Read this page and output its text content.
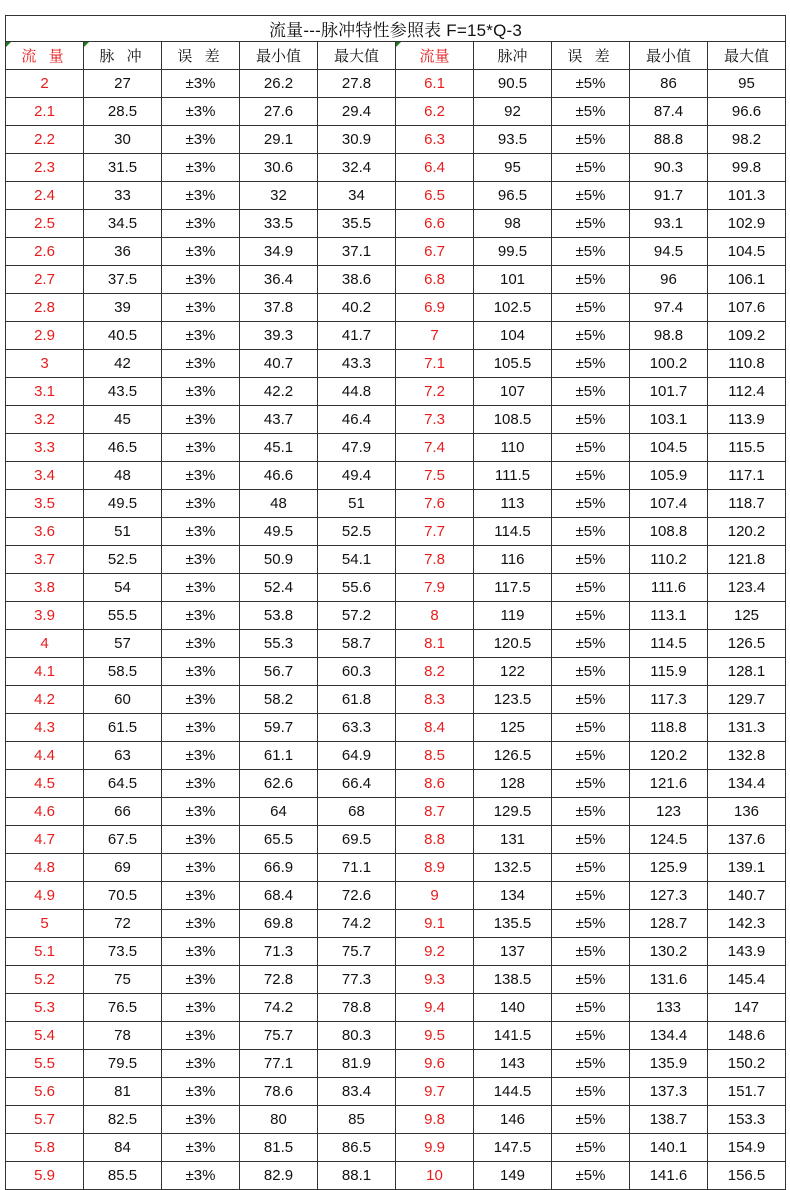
流量---脉冲特性参照表 F=15*Q-3									

流 量	脉 冲	误 差	最小值	最大值	流量	脉冲	误 差	最小值	最大值
2	27	±3%	26.2	27.8	6.1	90.5	±5%	86	95
2.1	28.5	±3%	27.6	29.4	6.2	92	±5%	87.4	96.6
2.2	30	±3%	29.1	30.9	6.3	93.5	±5%	88.8	98.2
2.3	31.5	±3%	30.6	32.4	6.4	95	±5%	90.3	99.8
2.4	33	±3%	32	34	6.5	96.5	±5%	91.7	101.3
2.5	34.5	±3%	33.5	35.5	6.6	98	±5%	93.1	102.9
2.6	36	±3%	34.9	37.1	6.7	99.5	±5%	94.5	104.5
2.7	37.5	±3%	36.4	38.6	6.8	101	±5%	96	106.1
2.8	39	±3%	37.8	40.2	6.9	102.5	±5%	97.4	107.6
2.9	40.5	±3%	39.3	41.7	7	104	±5%	98.8	109.2
3	42	±3%	40.7	43.3	7.1	105.5	±5%	100.2	110.8
3.1	43.5	±3%	42.2	44.8	7.2	107	±5%	101.7	112.4
3.2	45	±3%	43.7	46.4	7.3	108.5	±5%	103.1	113.9
3.3	46.5	±3%	45.1	47.9	7.4	110	±5%	104.5	115.5
3.4	48	±3%	46.6	49.4	7.5	111.5	±5%	105.9	117.1
3.5	49.5	±3%	48	51	7.6	113	±5%	107.4	118.7
3.6	51	±3%	49.5	52.5	7.7	114.5	±5%	108.8	120.2
3.7	52.5	±3%	50.9	54.1	7.8	116	±5%	110.2	121.8
3.8	54	±3%	52.4	55.6	7.9	117.5	±5%	111.6	123.4
3.9	55.5	±3%	53.8	57.2	8	119	±5%	113.1	125
4	57	±3%	55.3	58.7	8.1	120.5	±5%	114.5	126.5
4.1	58.5	±3%	56.7	60.3	8.2	122	±5%	115.9	128.1
4.2	60	±3%	58.2	61.8	8.3	123.5	±5%	117.3	129.7
4.3	61.5	±3%	59.7	63.3	8.4	125	±5%	118.8	131.3
4.4	63	±3%	61.1	64.9	8.5	126.5	±5%	120.2	132.8
4.5	64.5	±3%	62.6	66.4	8.6	128	±5%	121.6	134.4
4.6	66	±3%	64	68	8.7	129.5	±5%	123	136
4.7	67.5	±3%	65.5	69.5	8.8	131	±5%	124.5	137.6
4.8	69	±3%	66.9	71.1	8.9	132.5	±5%	125.9	139.1
4.9	70.5	±3%	68.4	72.6	9	134	±5%	127.3	140.7
5	72	±3%	69.8	74.2	9.1	135.5	±5%	128.7	142.3
5.1	73.5	±3%	71.3	75.7	9.2	137	±5%	130.2	143.9
5.2	75	±3%	72.8	77.3	9.3	138.5	±5%	131.6	145.4
5.3	76.5	±3%	74.2	78.8	9.4	140	±5%	133	147
5.4	78	±3%	75.7	80.3	9.5	141.5	±5%	134.4	148.6
5.5	79.5	±3%	77.1	81.9	9.6	143	±5%	135.9	150.2
5.6	81	±3%	78.6	83.4	9.7	144.5	±5%	137.3	151.7
5.7	82.5	±3%	80	85	9.8	146	±5%	138.7	153.3
5.8	84	±3%	81.5	86.5	9.9	147.5	±5%	140.1	154.9
5.9	85.5	±3%	82.9	88.1	10	149	±5%	141.6	156.5
